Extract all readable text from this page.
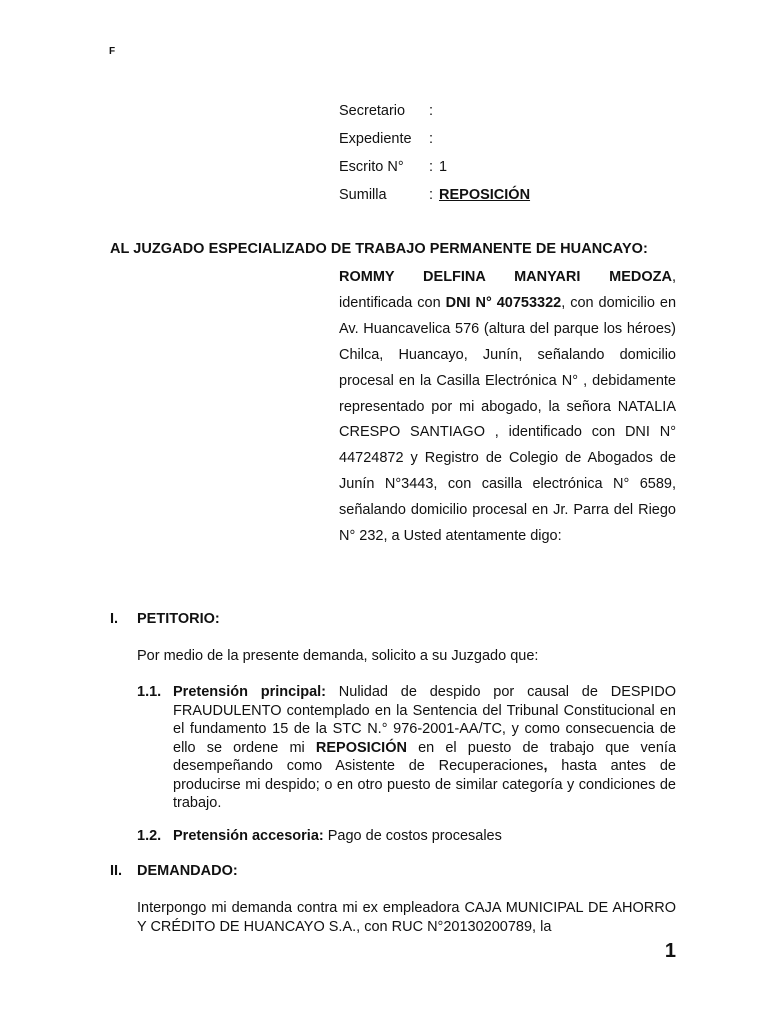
F
Secretario	:
Expediente	:
Escrito N°	: 1
Sumilla	: REPOSICIÓN
AL JUZGADO ESPECIALIZADO DE TRABAJO PERMANENTE DE HUANCAYO:
ROMMY DELFINA MANYARI MEDOZA, identificada con DNI N° 40753322, con domicilio en Av. Huancavelica 576 (altura del parque los héroes) Chilca, Huancayo, Junín, señalando domicilio procesal en la Casilla Electrónica N° , debidamente representado por mi abogado, la señora NATALIA CRESPO SANTIAGO , identificado con DNI N° 44724872 y Registro de Colegio de Abogados de Junín N°3443, con casilla electrónica N° 6589, señalando domicilio procesal en Jr. Parra del Riego N° 232, a Usted atentamente digo:
I. PETITORIO:
Por medio de la presente demanda, solicito a su Juzgado que:
1.1. Pretensión principal: Nulidad de despido por causal de DESPIDO FRAUDULENTO contemplado en la Sentencia del Tribunal Constitucional en el fundamento 15 de la STC N.° 976-2001-AA/TC, y como consecuencia de ello se ordene mi REPOSICIÓN en el puesto de trabajo que venía desempeñando como Asistente de Recuperaciones, hasta antes de producirse mi despido; o en otro puesto de similar categoría y condiciones de trabajo.
1.2. Pretensión accesoria: Pago de costos procesales
II. DEMANDADO:
Interpongo mi demanda contra mi ex empleadora CAJA MUNICIPAL DE AHORRO Y CRÉDITO DE HUANCAYO S.A., con RUC N°20130200789, la
1
